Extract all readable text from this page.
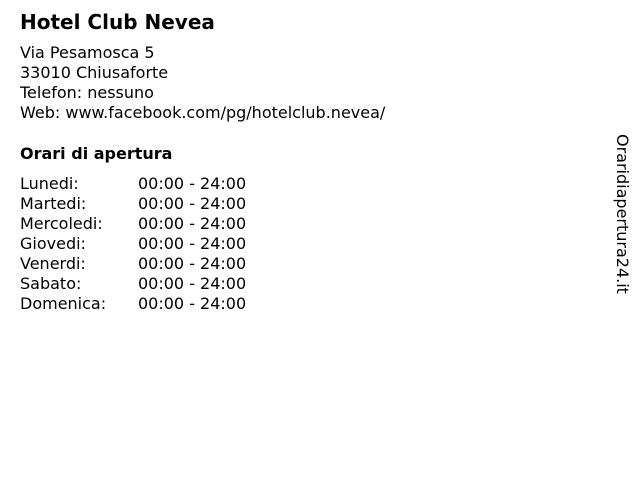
Hotel Club Nevea
Via Pesamosca 5
33010 Chiusaforte
Telefon: nessuno
Web: www.facebook.com/pg/hotelclub.nevea/
Orari di apertura
Lunedi:	00:00 - 24:00
Martedi:	00:00 - 24:00
Mercoledi:	00:00 - 24:00
Giovedi:	00:00 - 24:00
Venerdi:	00:00 - 24:00
Sabato:	00:00 - 24:00
Domenica:	00:00 - 24:00
Oraridiapertura24.it
